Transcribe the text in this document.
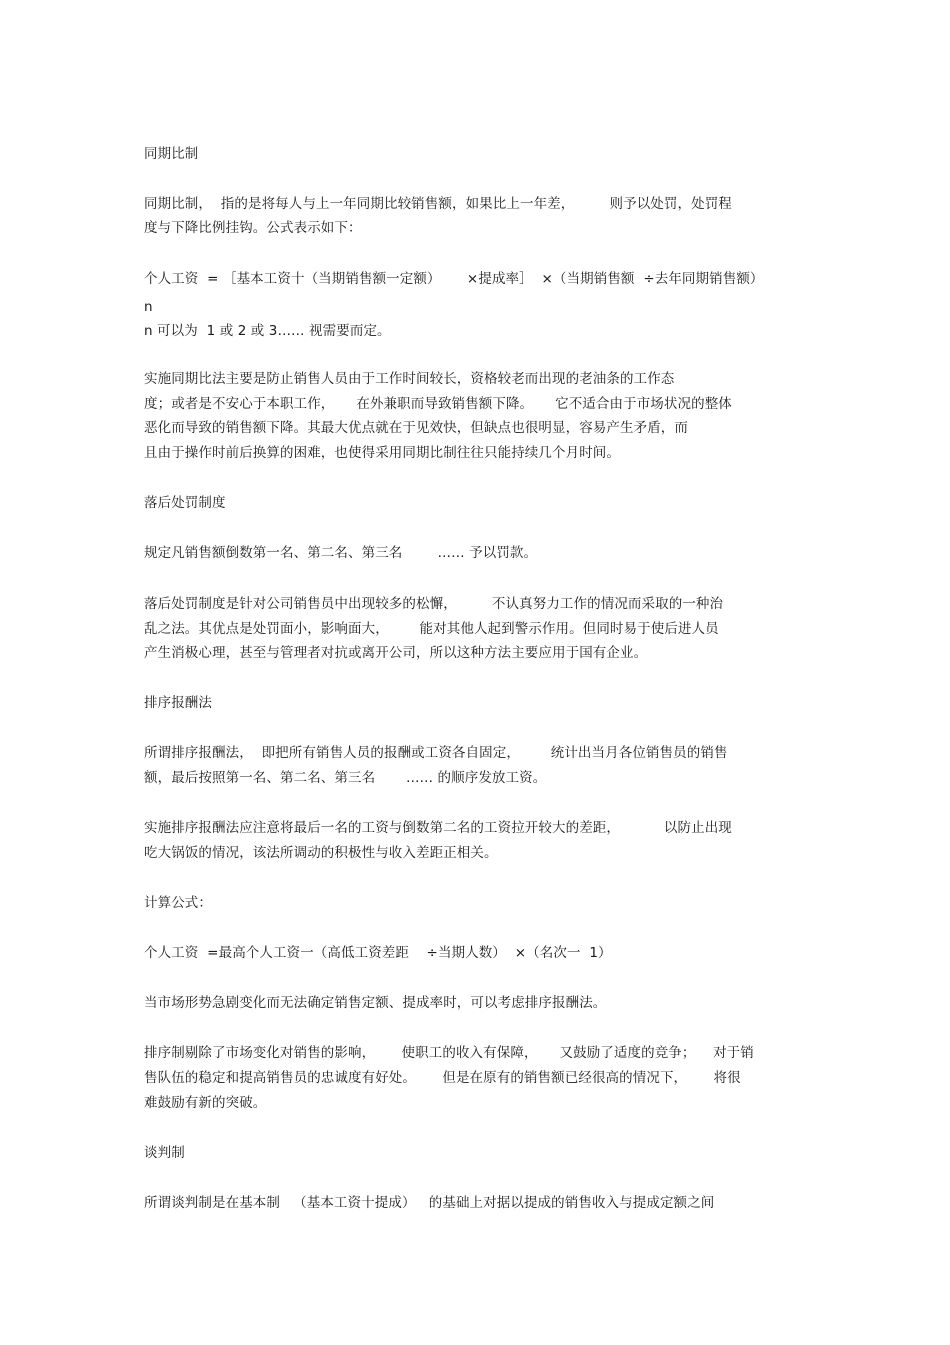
同期比制
同期比制，  指的是将每人与上一年同期比较销售额，如果比上一年差，        则予以处罚，处罚程
度与下降比例挂钩。公式表示如下：
个人工资  = ［基本工资十（当期销售额一定额）      ×提成率］  ×（当期销售额  ÷去年同期销售额）
n
n 可以为  1 或 2 或 3…… 视需要而定。
实施同期比法主要是防止销售人员由于工作时间较长，资格较老而出现的老油条的工作态
度；或者是不安心于本职工作，     在外兼职而导致销售额下降。     它不适合由于市场状况的整体
恶化而导致的销售额下降。其最大优点就在于见效快，但缺点也很明显，容易产生矛盾，而
且由于操作时前后换算的困难，也使得采用同期比制往往只能持续几个月时间。
落后处罚制度
规定凡销售额倒数第一名、第二名、第三名        …… 予以罚款。
落后处罚制度是针对公司销售员中出现较多的松懈，        不认真努力工作的情况而采取的一种治
乱之法。其优点是处罚面小，影响面大，       能对其他人起到警示作用。但同时易于使后进人员
产生消极心理，甚至与管理者对抗或离开公司，所以这种方法主要应用于国有企业。
排序报酬法
所谓排序报酬法，  即把所有销售人员的报酬或工资各自固定，       统计出当月各位销售员的销售
额，最后按照第一名、第二名、第三名       …… 的顺序发放工资。
实施排序报酬法应注意将最后一名的工资与倒数第二名的工资拉开较大的差距，          以防止出现
吃大锅饭的情况，该法所调动的积极性与收入差距正相关。
计算公式：
个人工资  =最高个人工资一（高低工资差距    ÷当期人数）  ×（名次一  1）
当市场形势急剧变化而无法确定销售定额、提成率时，可以考虑排序报酬法。
排序制剔除了市场变化对销售的影响，      使职工的收入有保障，     又鼓励了适度的竞争；    对于销
售队伍的稳定和提高销售员的忠诚度有好处。      但是在原有的销售额已经很高的情况下，      将很
难鼓励有新的突破。
谈判制
所谓谈判制是在基本制   （基本工资十提成）   的基础上对据以提成的销售收入与提成定额之间
